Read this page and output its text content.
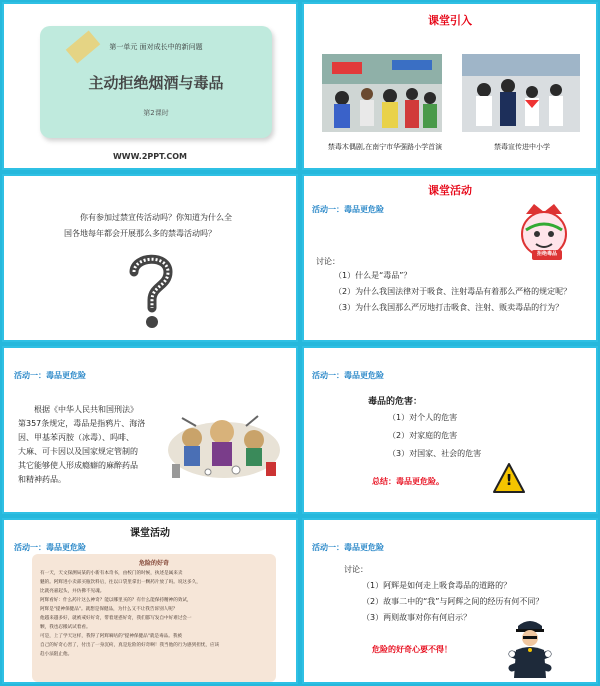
第一单元 面对成长中的新问题
主动拒绝烟酒与毒品
第2课时
WWW.2PPT.COM
课堂引入
禁毒木偶剧,在南宁市华强路小学首演	禁毒宣传进中小学
你有参加过禁宣传活动吗？你知道为什么全
国各地每年都会开展那么多的禁毒活动吗？
课堂活动
活动一：毒品更危险
拒绝毒品
讨论：
（1）什么是“毒品”？
（2）为什么我国法律对于吸食、注射毒品有着那么严格的规定呢？
（3）为什么我国那么严厉地打击吸食、注射、贩卖毒品的行为？
活动一：毒品更危险
根据《中华人民共和国刑法》
第357条规定，毒品是指鸦片、海洛
因、甲基苯丙胺（冰毒）、吗啡、
大麻、可卡因以及国家规定管制的
其它能够使人形成瘾癖的麻醉药品
和精神药品。
活动一：毒品更危险
毒品的危害：
（1）对个人的危害
（2）对家庭的危害
（3）对国家、社会的危害
总结：毒品更危险。	!
课堂活动
活动一：毒品更危险
危险的好奇
有一天，天文探测局某的小新有本奇书，由校门的时候，执述是属来卖
魅的。阿辉进小卖部买瓶饮料后，往以口袋里拿出一颗药片放了吗。说这多久，
比就亮嘉起头，并仿佛不见魂。
阿辉看好：什么药片这么神奇？能以哪里买的？有什么能保持精神的效试，
阿辉是"提神保健品"。就想是保健品，为什么又不让我告诉别人呢？
他越来越多好，就被戒好好奇，带着迷惑好奇，我们都写发自中好难过会一
颗，我也忍搬试试着看。
可是，上了学天这样，我得了阿辉嘀咕的"提神保健品"就是毒品。我被
自己的好奇心害了，付出了一身沉疴，真是危险的好奇啊！我当他的行为感到担忧，应该
趋小法阻止他。
活动一：毒品更危险
讨论：
（1）阿辉是如何走上吸食毒品的道路的？
（2）故事二中的“我”与阿辉之间的经历有何不同？
（3）两则故事对你有何启示？
危险的好奇心要不得！
